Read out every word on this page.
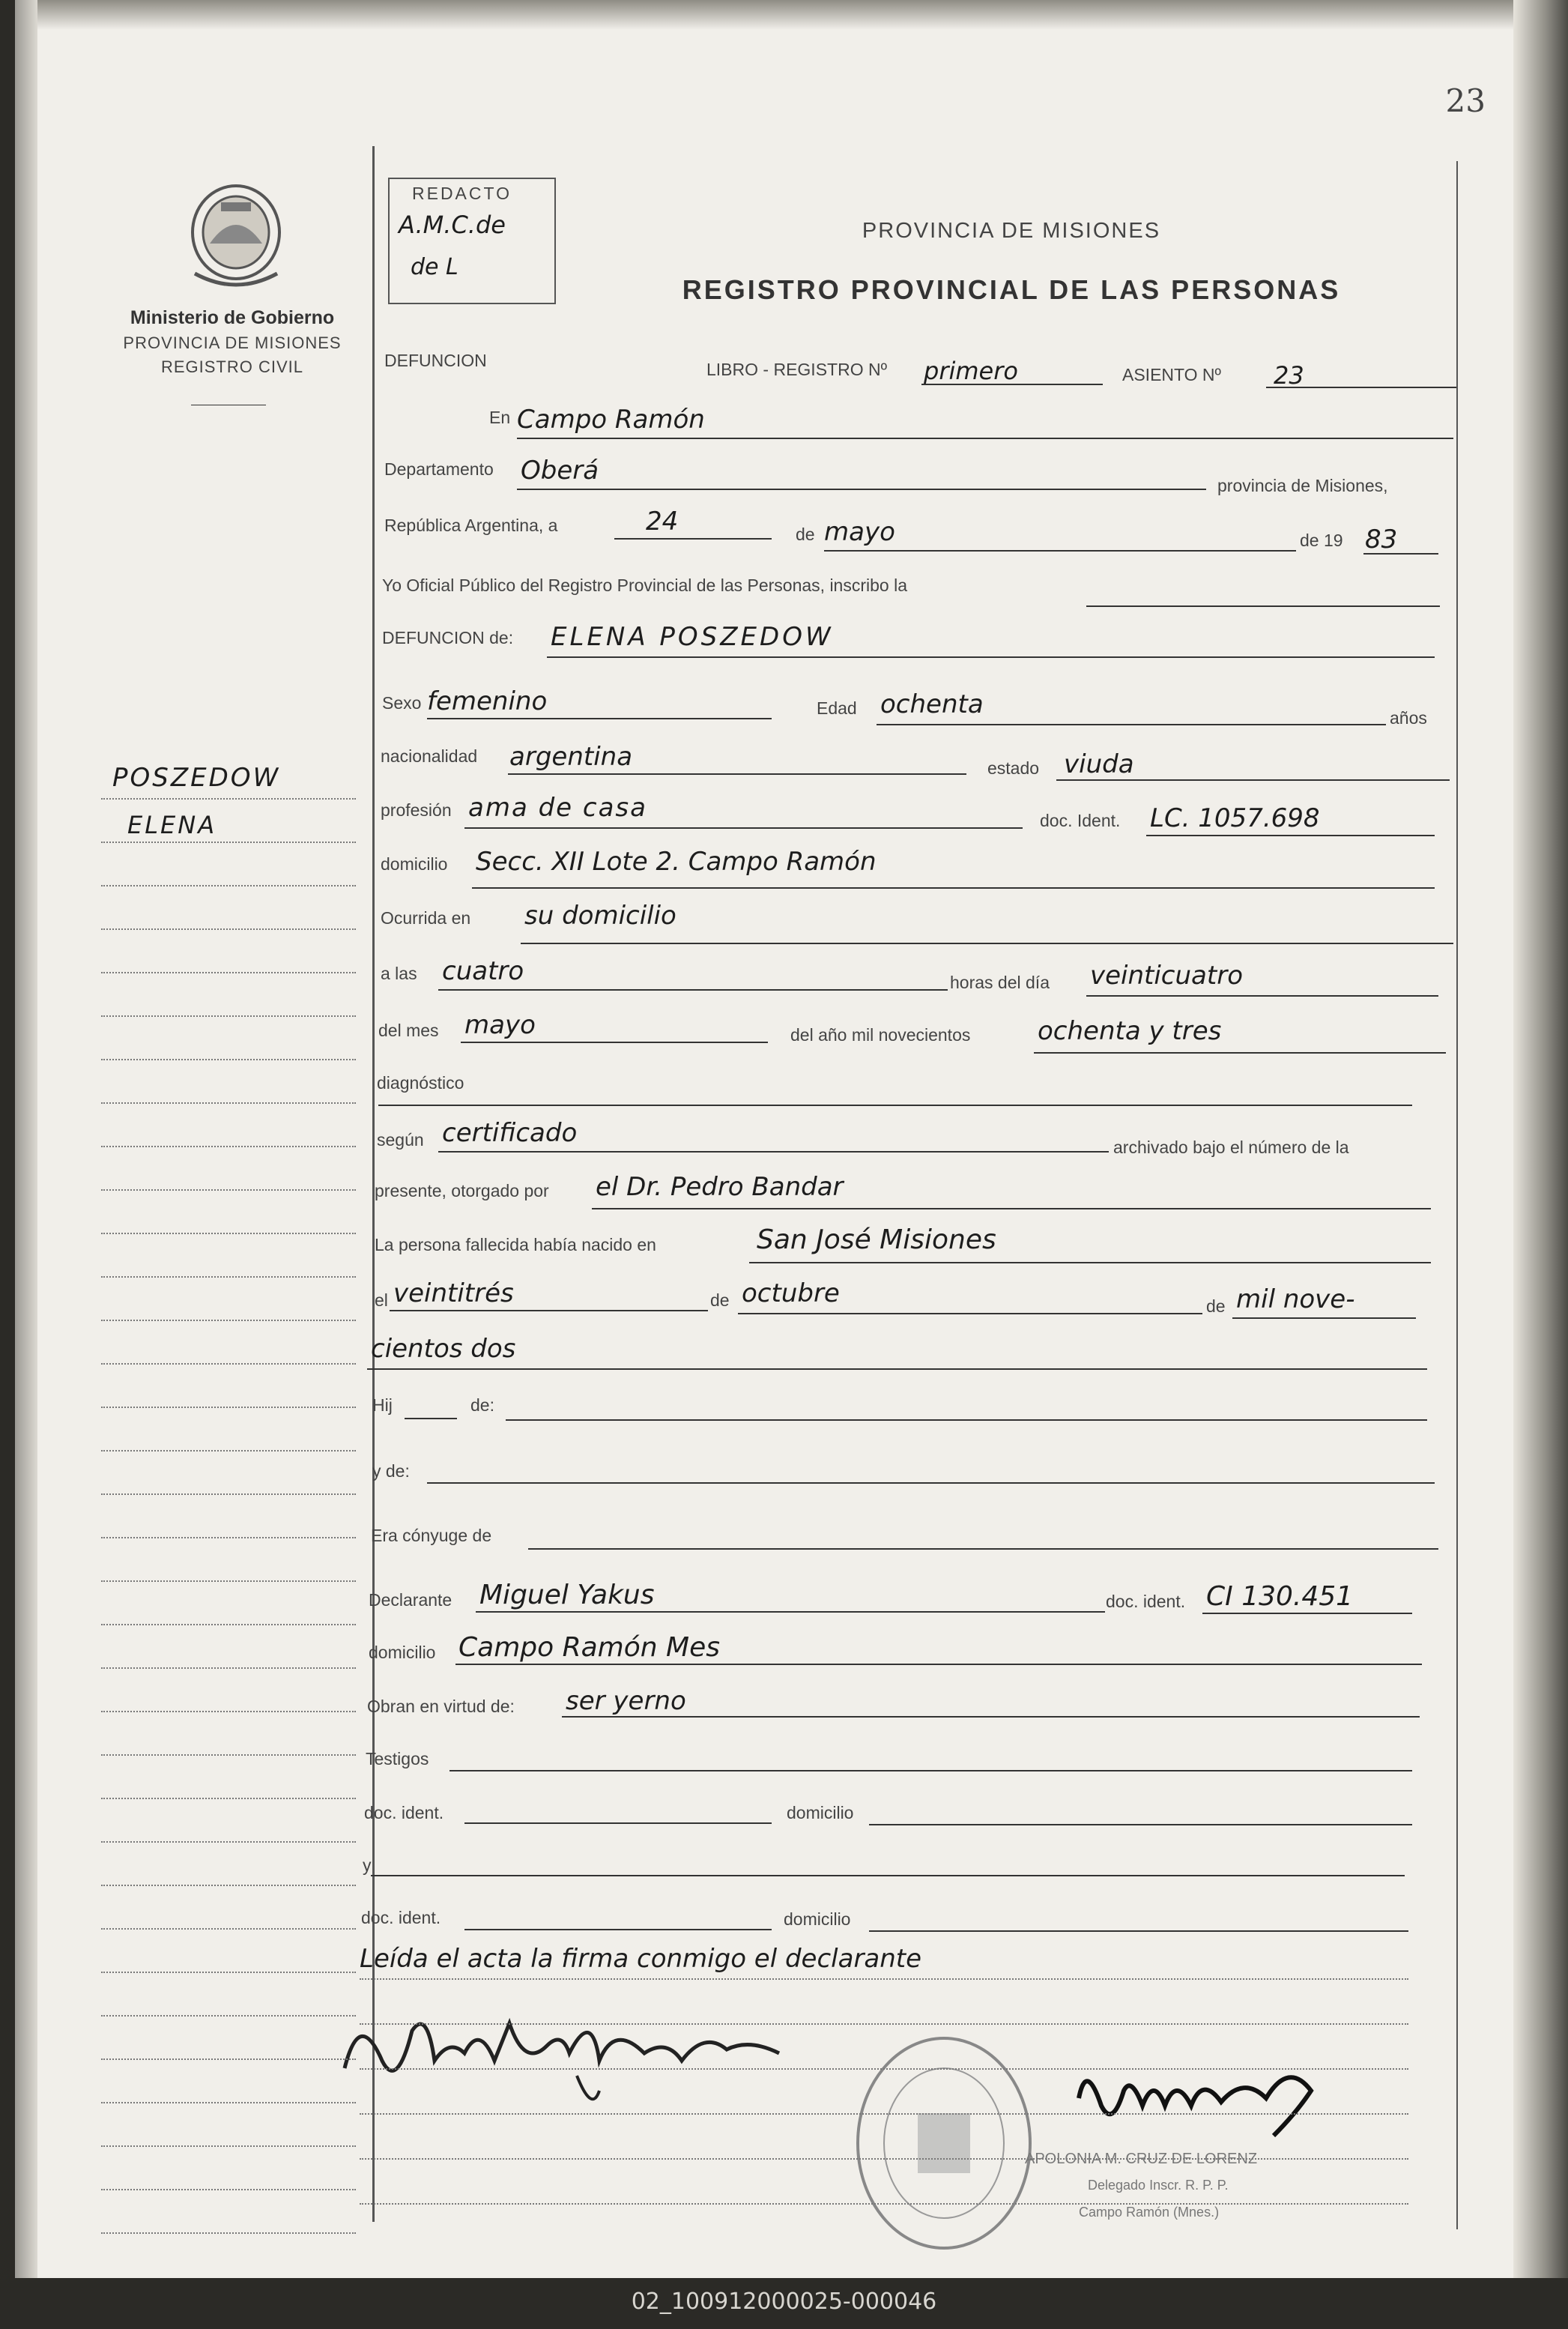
02_100912000025-000046
23
Ministerio de Gobierno
PROVINCIA DE MISIONES
REGISTRO CIVIL
POSZEDOW
ELENA
REDACTO
A.M.C.de
de L
PROVINCIA DE MISIONES
REGISTRO PROVINCIAL DE LAS PERSONAS
DEFUNCION	LIBRO - REGISTRO Nº primero	ASIENTO Nº 23
En Campo Ramón
Departamento Oberá	provincia de Misiones,
República Argentina, a	24	de mayo	de 19 83
Yo Oficial Público del Registro Provincial de las Personas, inscribo la
DEFUNCION de: ELENA POSZEDOW
Sexo femenino	Edad ochenta	años
nacionalidad argentina	estado viuda
profesión ama de casa	doc. Ident. LC. 1057.698
domicilio Secc. XII Lote 2. Campo Ramón
Ocurrida en su domicilio
a las cuatro	horas del día veinticuatro
del mes mayo	del año mil novecientos	ochenta y tres
diagnóstico
según certificado	archivado bajo el número de la
presente, otorgado por el Dr. Pedro Bandar
La persona fallecida había nacido en	San José Misiones
el veintitrés	de octubre	de mil nove-
cientos dos
Hij	de:
y de:
Era cónyuge de
Declarante Miguel Yakus	doc. ident. CI 130.451
domicilio Campo Ramón Mes
Obran en virtud de: ser yerno
Testigos
doc. ident.	domicilio
y
doc. ident.	domicilio
Leída el acta la firma conmigo el declarante
APOLONIA M. CRUZ DE LORENZ
Delegado Inscr. R. P. P.
Campo Ramón (Mnes.)
